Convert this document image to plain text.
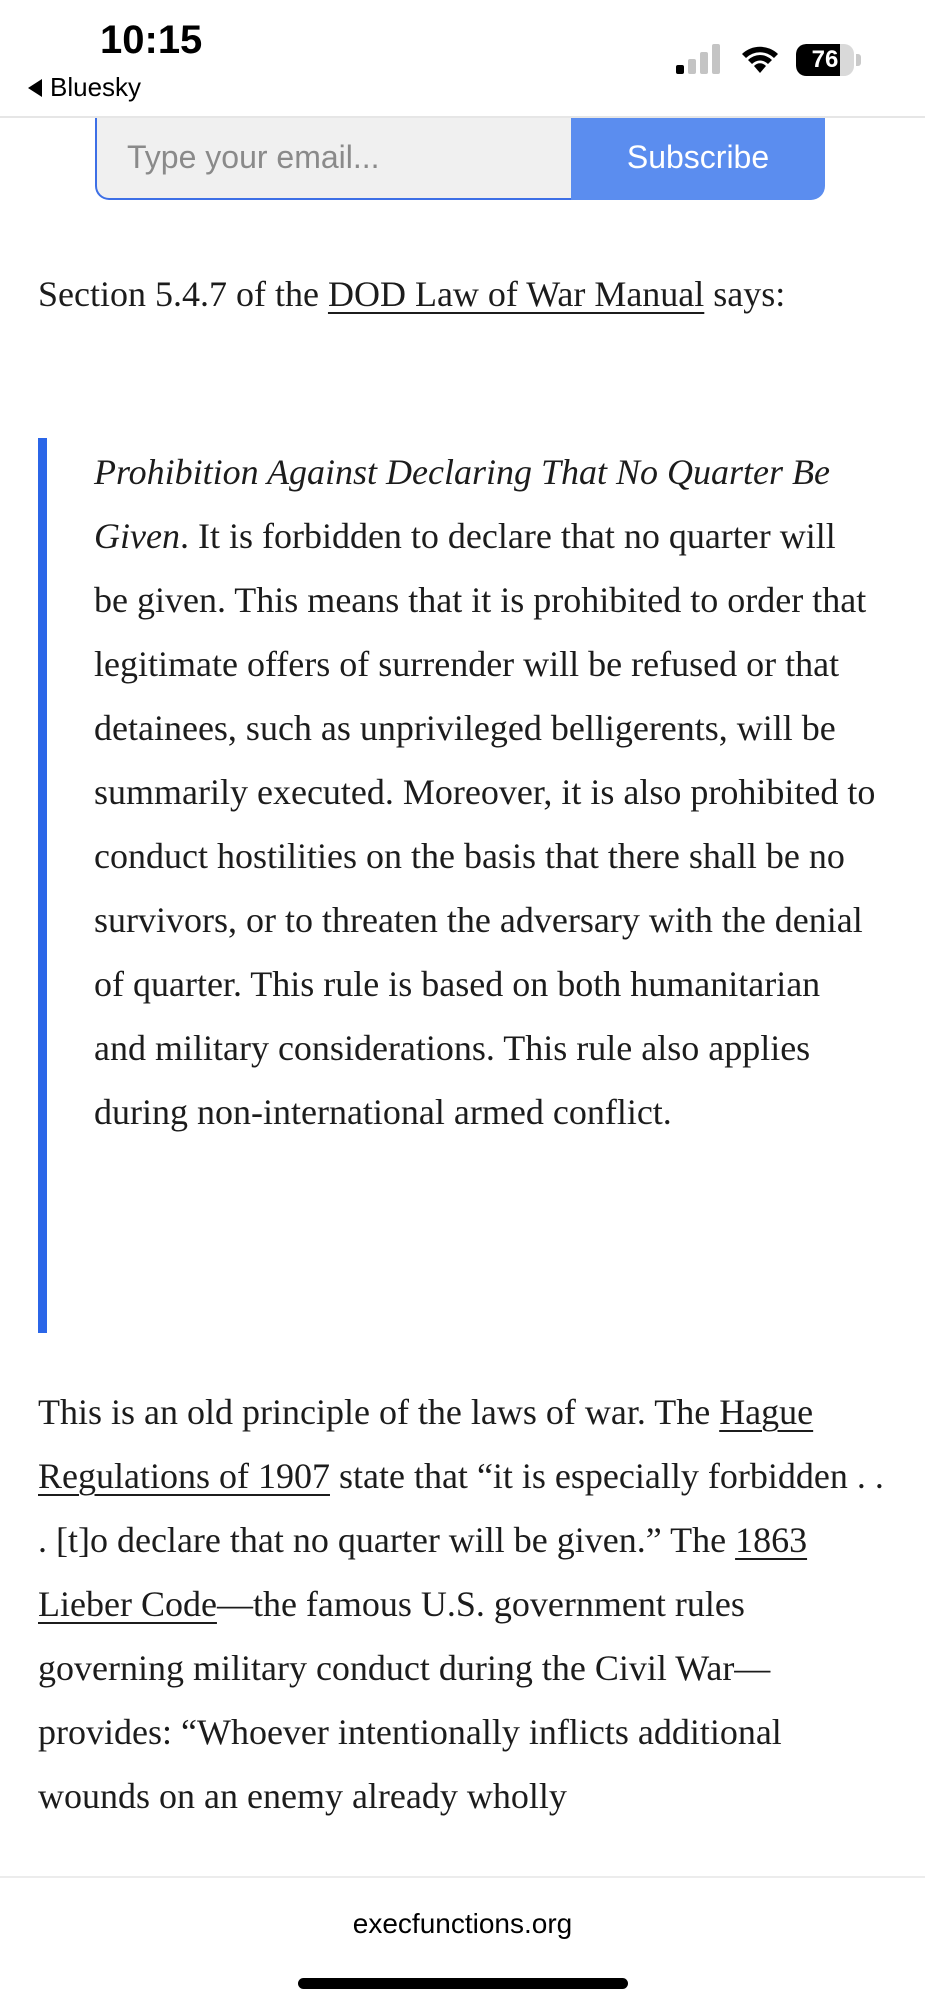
10:15
Bluesky
76
Type your email...
Subscribe

Section 5.4.7 of the DOD Law of War Manual says:

Prohibition Against Declaring That No Quarter Be Given. It is forbidden to declare that no quarter will be given. This means that it is prohibited to order that legitimate offers of surrender will be refused or that detainees, such as unprivileged belligerents, will be summarily executed. Moreover, it is also prohibited to conduct hostilities on the basis that there shall be no survivors, or to threaten the adversary with the denial of quarter. This rule is based on both humanitarian and military considerations. This rule also applies during non-international armed conflict.

This is an old principle of the laws of war. The Hague Regulations of 1907 state that “it is especially forbidden . . . [t]o declare that no quarter will be given.” The 1863 Lieber Code—the famous U.S. government rules governing military conduct during the Civil War—provides: “Whoever intentionally inflicts additional wounds on an enemy already wholly

execfunctions.org
